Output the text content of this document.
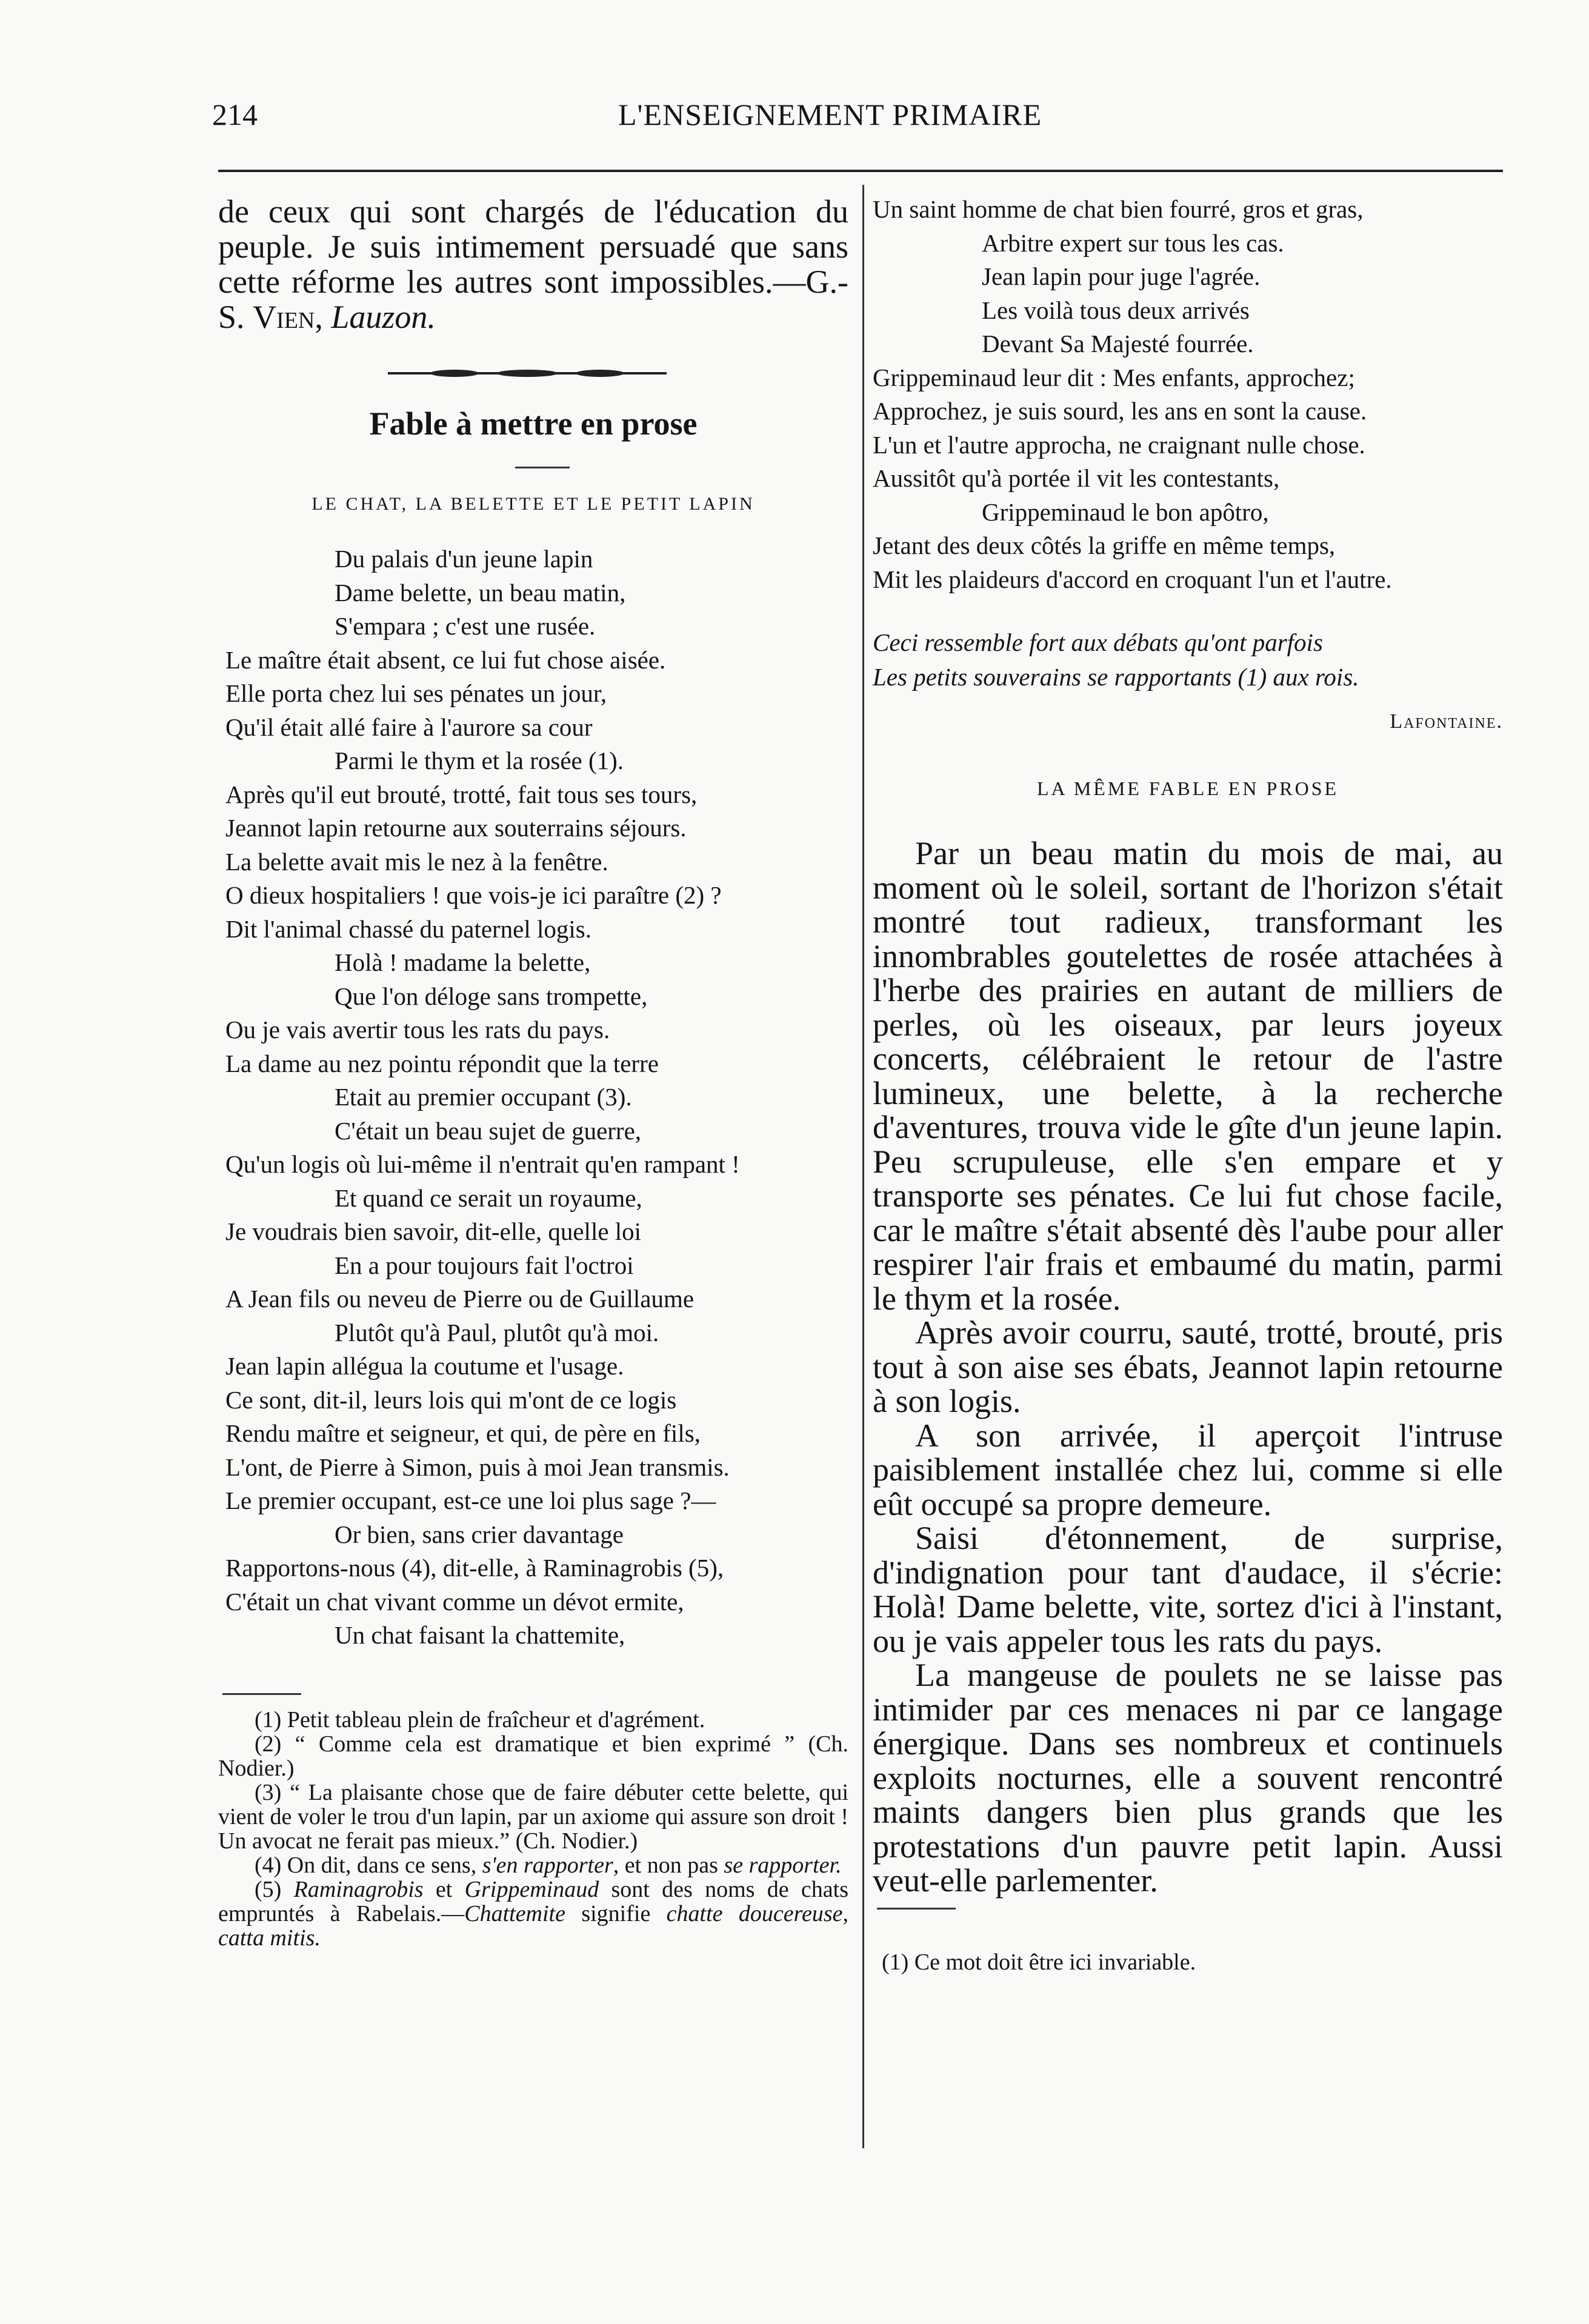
214	L'ENSEIGNEMENT PRIMAIRE
de ceux qui sont chargés de l'éducation du peuple. Je suis intimement persuadé que sans cette réforme les autres sont impossibles.—G.-S. Vien, Lauzon.
Fable à mettre en prose
LE CHAT, LA BELETTE ET LE PETIT LAPIN
Du palais d'un jeune lapin
Dame belette, un beau matin,
S'empara ; c'est une rusée.
Le maître était absent, ce lui fut chose aisée.
Elle porta chez lui ses pénates un jour,
Qu'il était allé faire à l'aurore sa cour
Parmi le thym et la rosée (1).
Après qu'il eut brouté, trotté, fait tous ses tours,
Jeannot lapin retourne aux souterrains séjours.
La belette avait mis le nez à la fenêtre.
O dieux hospitaliers ! que vois-je ici paraître (2) ?
Dit l'animal chassé du paternel logis.
Holà ! madame la belette,
Que l'on déloge sans trompette,
Ou je vais avertir tous les rats du pays.
La dame au nez pointu répondit que la terre
Etait au premier occupant (3).
C'était un beau sujet de guerre,
Qu'un logis où lui-même il n'entrait qu'en rampant !
Et quand ce serait un royaume,
Je voudrais bien savoir, dit-elle, quelle loi
En a pour toujours fait l'octroi
A Jean fils ou neveu de Pierre ou de Guillaume
Plutôt qu'à Paul, plutôt qu'à moi.
Jean lapin allégua la coutume et l'usage.
Ce sont, dit-il, leurs lois qui m'ont de ce logis
Rendu maître et seigneur, et qui, de père en fils,
L'ont, de Pierre à Simon, puis à moi Jean transmis.
Le premier occupant, est-ce une loi plus sage ?—
Or bien, sans crier davantage
Rapportons-nous (4), dit-elle, à Raminagrobis (5),
C'était un chat vivant comme un dévot ermite,
Un chat faisant la chattemite,
(1) Petit tableau plein de fraîcheur et d'agrément.
(2) “ Comme cela est dramatique et bien exprimé ” (Ch. Nodier.)
(3) “ La plaisante chose que de faire débuter cette belette, qui vient de voler le trou d'un lapin, par un axiome qui assure son droit ! Un avocat ne ferait pas mieux.” (Ch. Nodier.)
(4) On dit, dans ce sens, s'en rapporter, et non pas se rapporter.
(5) Raminagrobis et Grippeminaud sont des noms de chats empruntés à Rabelais.—Chattemite signifie chatte doucereuse, catta mitis.
Un saint homme de chat bien fourré, gros et gras,
Arbitre expert sur tous les cas.
Jean lapin pour juge l'agrée.
Les voilà tous deux arrivés
Devant Sa Majesté fourrée.
Grippeminaud leur dit : Mes enfants, approchez;
Approchez, je suis sourd, les ans en sont la cause.
L'un et l'autre approcha, ne craignant nulle chose.
Aussitôt qu'à portée il vit les contestants,
Grippeminaud le bon apôtro,
Jetant des deux côtés la griffe en même temps,
Mit les plaideurs d'accord en croquant l'un et l'autre.
Ceci ressemble fort aux débats qu'ont parfois
Les petits souverains se rapportants (1) aux rois.
Lafontaine.
LA MÊME FABLE EN PROSE

Par un beau matin du mois de mai, au moment où le soleil, sortant de l'horizon s'était montré tout radieux, transformant les innombrables goutelettes de rosée attachées à l'herbe des prairies en autant de milliers de perles, où les oiseaux, par leurs joyeux concerts, célébraient le retour de l'astre lumineux, une belette, à la recherche d'aventures, trouva vide le gîte d'un jeune lapin. Peu scrupuleuse, elle s'en empare et y transporte ses pénates. Ce lui fut chose facile, car le maître s'était absenté dès l'aube pour aller respirer l'air frais et embaumé du matin, parmi le thym et la rosée.

Après avoir courru, sauté, trotté, brouté, pris tout à son aise ses ébats, Jeannot lapin retourne à son logis.

A son arrivée, il aperçoit l'intruse paisiblement installée chez lui, comme si elle eût occupé sa propre demeure.

Saisi d'étonnement, de surprise, d'indignation pour tant d'audace, il s'écrie: Holà! Dame belette, vite, sortez d'ici à l'instant, ou je vais appeler tous les rats du pays.

La mangeuse de poulets ne se laisse pas intimider par ces menaces ni par ce langage énergique. Dans ses nombreux et continuels exploits nocturnes, elle a souvent rencontré maints dangers bien plus grands que les protestations d'un pauvre petit lapin. Aussi veut-elle parlementer.

(1) Ce mot doit être ici invariable.
